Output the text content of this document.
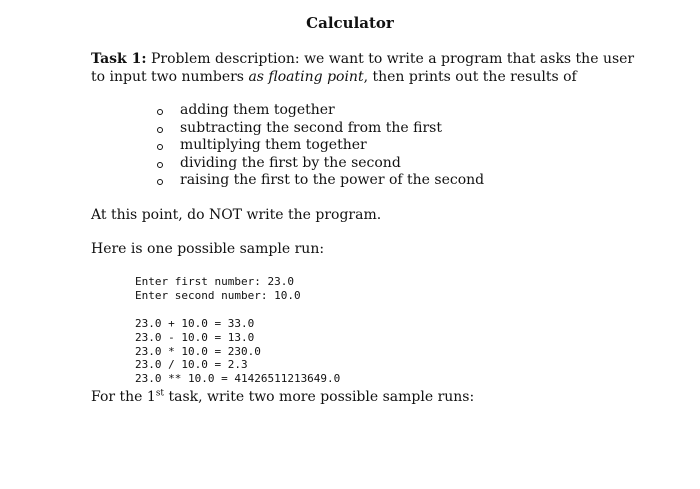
Calculator

Task 1: Problem description: we want to write a program that asks the user to input two numbers as floating point, then prints out the results of

adding them together
subtracting the second from the first
multiplying them together
dividing the first by the second
raising the first to the power of the second

At this point, do NOT write the program.

Here is one possible sample run:

Enter first number: 23.0
Enter second number: 10.0
23.0 + 10.0 = 33.0
23.0 - 10.0 = 13.0
23.0 * 10.0 = 230.0
23.0 / 10.0 = 2.3
23.0 ** 10.0 = 41426511213649.0

For the 1st task, write two more possible sample runs:
